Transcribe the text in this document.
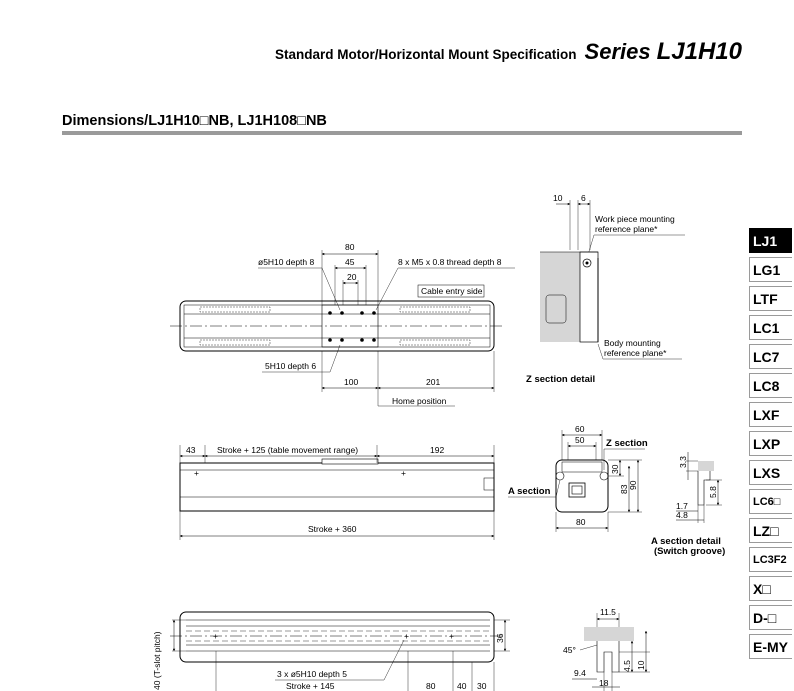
Standard Motor/Horizontal Mount Specification Series LJ1H10
Dimensions/LJ1H10□NB, LJ1H108□NB
LJ1
LG1
LTF
LC1
LC7
LC8
LXF
LXP
LXS
LC6□
LZ□
LC3F2
X□
D-□
E-MY
80
45
20
ø5H10 depth 8	8 x M5 x 0.8 thread depth 8
Cable entry side
5H10 depth 6
100	201
Home position
10 6
Work piece mounting
reference plane*
Body mounting
reference plane*
Z section detail
+	+
43	Stroke + 125 (table movement range)	192
Stroke + 360
60
50 Z section
A section
30
83 90
80
3.3
1.7
4.8
5.8
A section detail
(Switch groove)
+	+	+
40 (T-slot pitch)	36
3 x ø5H10 depth 5
Stroke + 145	80	40 30
11.5
45°
9.4
18
4.5 10
